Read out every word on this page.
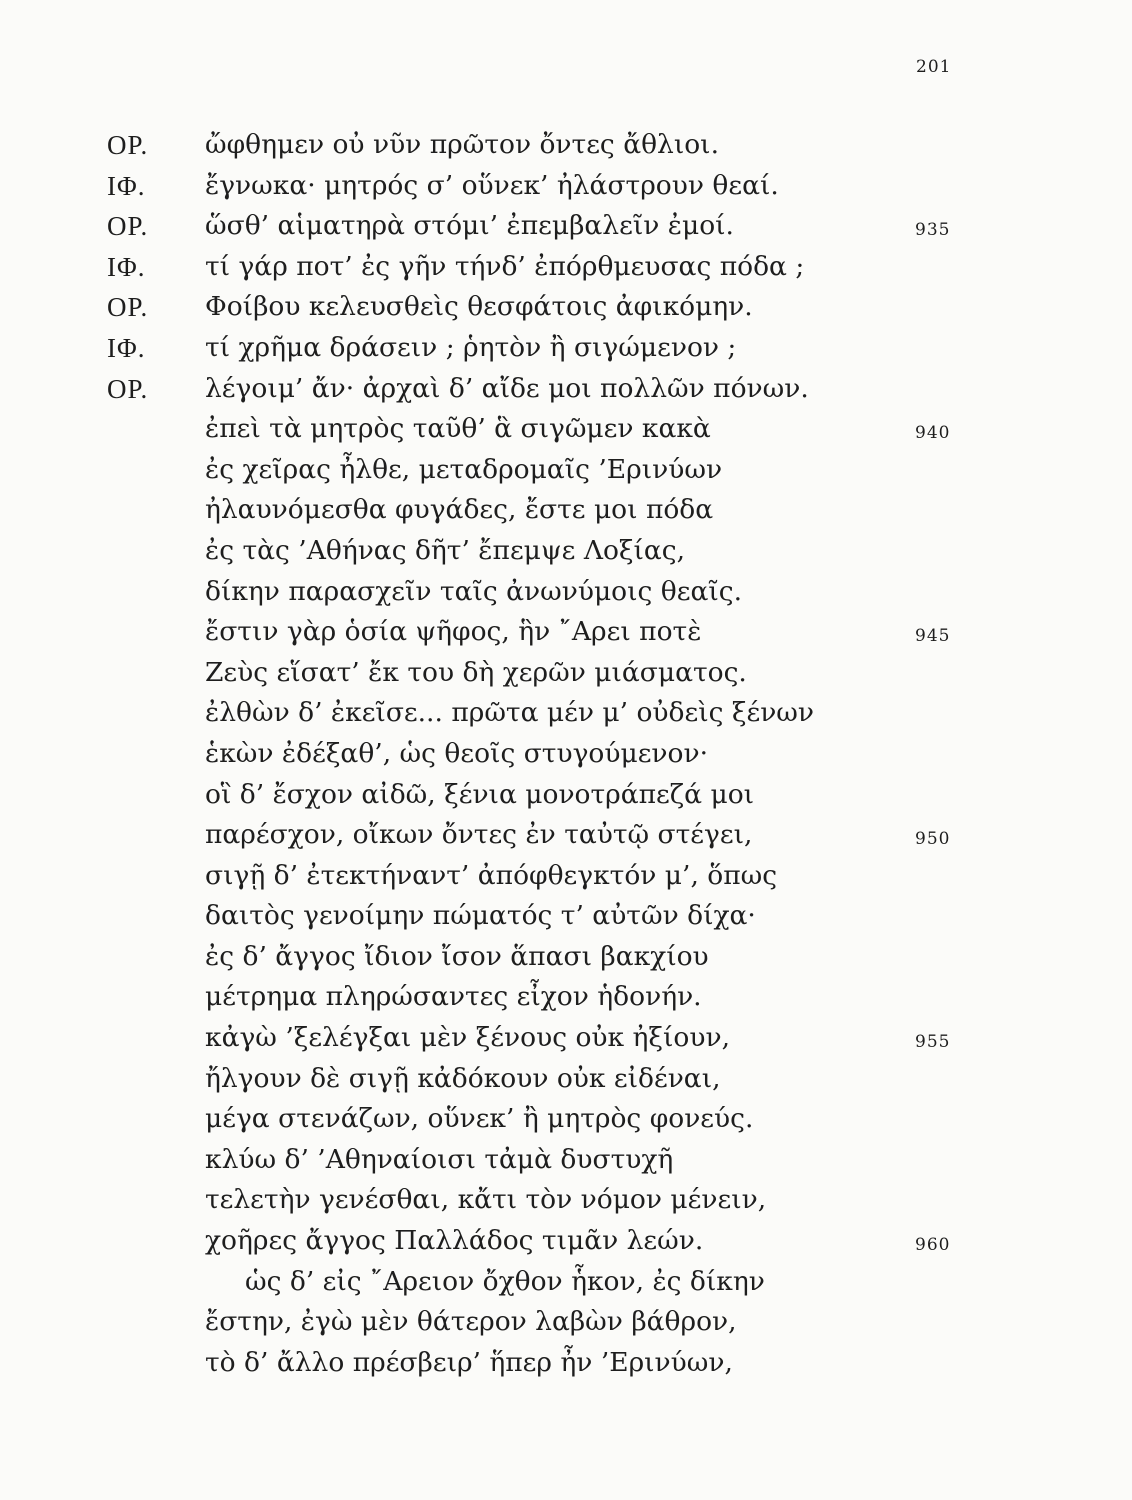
201
OP. ὤφθημεν οὐ νῦν πρῶτον ὄντες ἄθλιοι.
IΦ. ἔγνωκα· μητρός σ’ οὕνεκ’ ἠλάστρουν θεαί.
OP. ὥσθ’ αἱματηρὰ στόμι’ ἐπεμβαλεῖν ἐμοί.	935
IΦ. τί γάρ ποτ’ ἐς γῆν τήνδ’ ἐπόρθμευσας πόδα ;
OP. Φοίβου κελευσθεὶς θεσφάτοις ἀφικόμην.
IΦ. τί χρῆμα δράσειν ; ῥητὸν ἢ σιγώμενον ;
OP. λέγοιμ’ ἄν· ἀρχαὶ δ’ αἴδε μοι πολλῶν πόνων.
ἐπεὶ τὰ μητρὸς ταῦθ’ ἃ σιγῶμεν κακὰ	940
ἐς χεῖρας ἦλθε, μεταδρομαῖς ’Ερινύων
ἠλαυνόμεσθα φυγάδες, ἔστε μοι πόδα
ἐς τὰς ’Αθήνας δῆτ’ ἔπεμψε Λοξίας,
δίκην παρασχεῖν ταῖς ἀνωνύμοις θεαῖς.
ἔστιν γὰρ ὁσία ψῆφος, ἣν ῎Αρει ποτὲ	945
Ζεὺς εἵσατ’ ἔκ του δὴ χερῶν μιάσματος.
ἐλθὼν δ’ ἐκεῖσε... πρῶτα μέν μ’ οὐδεὶς ξένων
ἑκὼν ἐδέξαθ’, ὡς θεοῖς στυγούμενον·
οἳ δ’ ἔσχον αἰδῶ, ξένια μονοτράπεζά μοι
παρέσχον, οἴκων ὄντες ἐν ταὐτῷ στέγει,	950
σιγῇ δ’ ἐτεκτήναντ’ ἀπόφθεγκτόν μ’, ὅπως
δαιτὸς γενοίμην πώματός τ’ αὐτῶν δίχα·
ἐς δ’ ἄγγος ἴδιον ἴσον ἅπασι βακχίου
μέτρημα πληρώσαντες εἶχον ἡδονήν.
κἀγὼ ’ξελέγξαι μὲν ξένους οὐκ ἠξίουν,	955
ἤλγουν δὲ σιγῇ κἀδόκουν οὐκ εἰδέναι,
μέγα στενάζων, οὕνεκ’ ἢ μητρὸς φονεύς.
κλύω δ’ ’Αθηναίοισι τἀμὰ δυστυχῆ
τελετὴν γενέσθαι, κἄτι τὸν νόμον μένειν,
χοῆρες ἄγγος Παλλάδος τιμᾶν λεών.	960
ὡς δ’ εἰς ῎Αρειον ὄχθον ἧκον, ἐς δίκην
ἔστην, ἐγὼ μὲν θάτερον λαβὼν βάθρον,
τὸ δ’ ἄλλο πρέσβειρ’ ἥπερ ἦν ’Ερινύων,
